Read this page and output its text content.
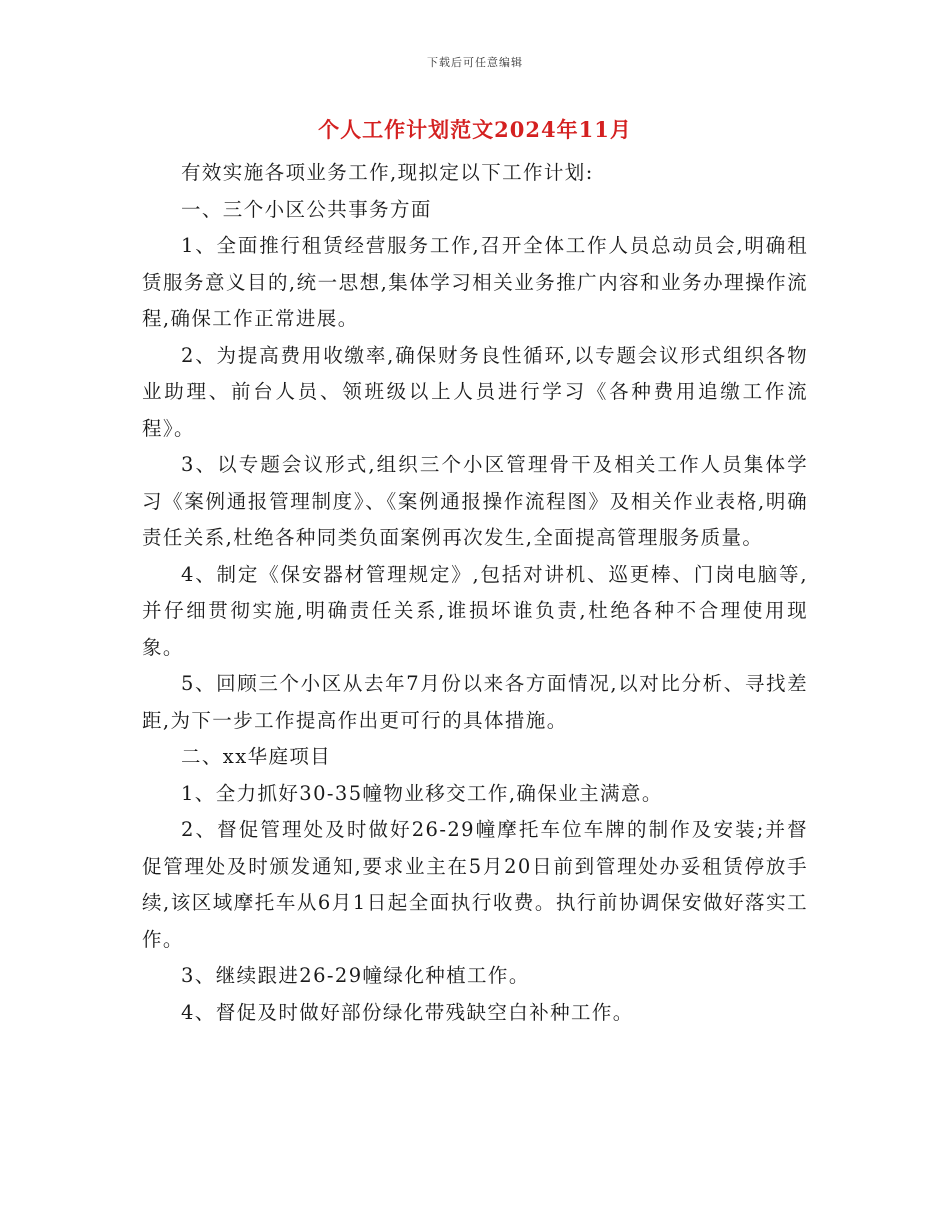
下载后可任意编辑
个人工作计划范文2024年11月

有效实施各项业务工作,现拟定以下工作计划:

一、三个小区公共事务方面

1、全面推行租赁经营服务工作,召开全体工作人员总动员会,明确租赁服务意义目的,统一思想,集体学习相关业务推广内容和业务办理操作流程,确保工作正常进展。

2、为提高费用收缴率,确保财务良性循环,以专题会议形式组织各物业助理、前台人员、领班级以上人员进行学习《各种费用追缴工作流程》。

3、以专题会议形式,组织三个小区管理骨干及相关工作人员集体学习《案例通报管理制度》、《案例通报操作流程图》及相关作业表格,明确责任关系,杜绝各种同类负面案例再次发生,全面提高管理服务质量。

4、制定《保安器材管理规定》,包括对讲机、巡更棒、门岗电脑等,并仔细贯彻实施,明确责任关系,谁损坏谁负责,杜绝各种不合理使用现象。

5、回顾三个小区从去年7月份以来各方面情况,以对比分析、寻找差距,为下一步工作提高作出更可行的具体措施。

二、xx华庭项目

1、全力抓好30-35幢物业移交工作,确保业主满意。

2、督促管理处及时做好26-29幢摩托车位车牌的制作及安装;并督促管理处及时颁发通知,要求业主在5月20日前到管理处办妥租赁停放手续,该区域摩托车从6月1日起全面执行收费。执行前协调保安做好落实工作。

3、继续跟进26-29幢绿化种植工作。

4、督促及时做好部份绿化带残缺空白补种工作。
